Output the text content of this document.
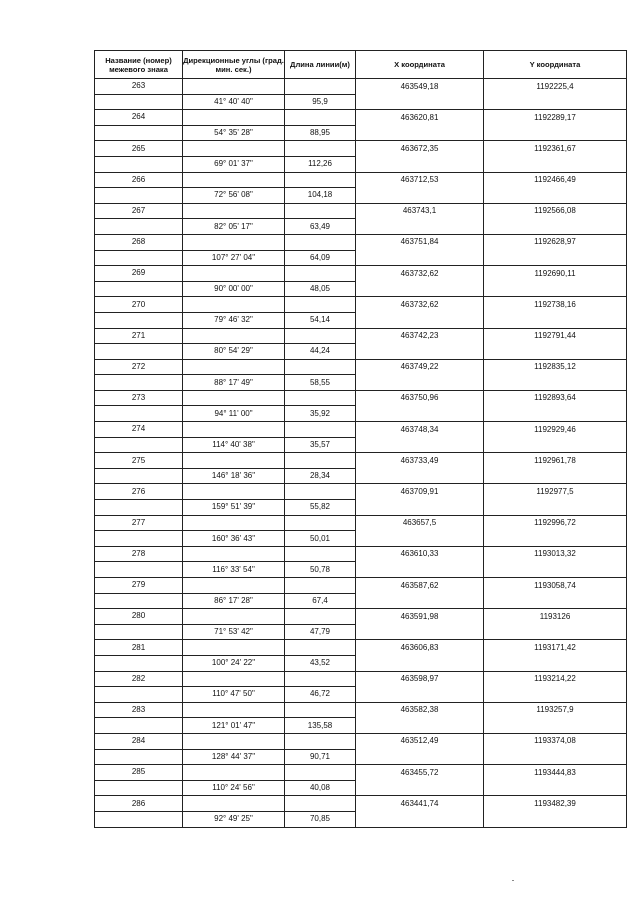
Название (номер) межевого знака	Дирекционные углы (град. мин. сек.)	Длина линии(м)	X координата	Y координата
263			463549,18	1192225,4
	41° 40' 40"	95,9		
264			463620,81	1192289,17
	54° 35' 28"	88,95		
265			463672,35	1192361,67
	69° 01' 37"	112,26		
266			463712,53	1192466,49
	72° 56' 08"	104,18		
267			463743,1	1192566,08
	82° 05' 17"	63,49		
268			463751,84	1192628,97
	107° 27' 04"	64,09		
269			463732,62	1192690,11
	90° 00' 00"	48,05		
270			463732,62	1192738,16
	79° 46' 32"	54,14		
271			463742,23	1192791,44
	80° 54' 29"	44,24		
272			463749,22	1192835,12
	88° 17' 49"	58,55		
273			463750,96	1192893,64
	94° 11' 00"	35,92		
274			463748,34	1192929,46
	114° 40' 38"	35,57		
275			463733,49	1192961,78
	146° 18' 36"	28,34		
276			463709,91	1192977,5
	159° 51' 39"	55,82		
277			463657,5	1192996,72
	160° 36' 43"	50,01		
278			463610,33	1193013,32
	116° 33' 54"	50,78		
279			463587,62	1193058,74
	86° 17' 28"	67,4		
280			463591,98	1193126
	71° 53' 42"	47,79		
281			463606,83	1193171,42
	100° 24' 22"	43,52		
282			463598,97	1193214,22
	110° 47' 50"	46,72		
283			463582,38	1193257,9
	121° 01' 47"	135,58		
284			463512,49	1193374,08
	128° 44' 37"	90,71		
285			463455,72	1193444,83
	110° 24' 56"	40,08		
286			463441,74	1193482,39
	92° 49' 25"	70,85		
